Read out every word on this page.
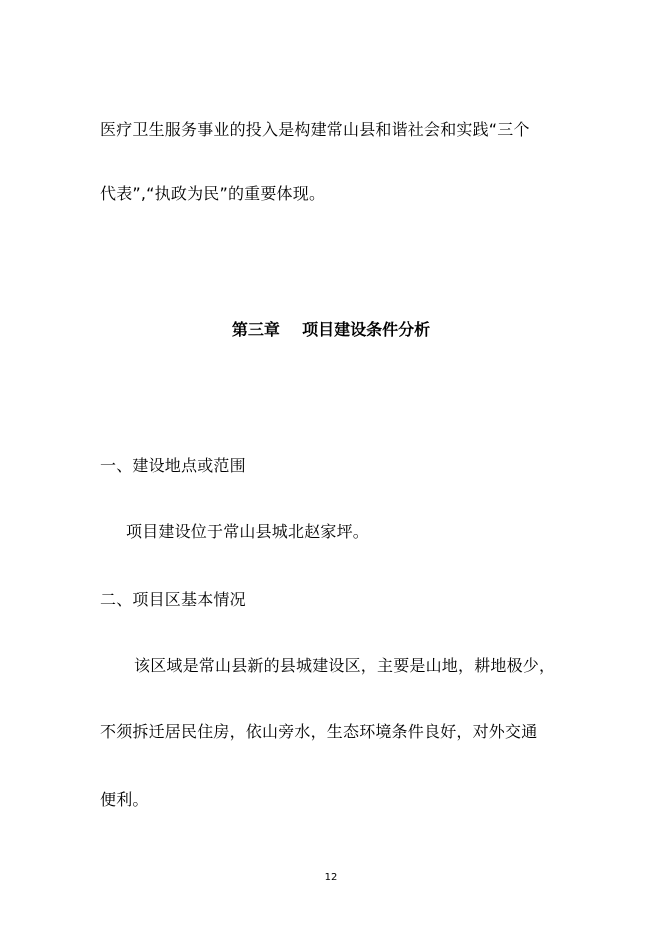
医疗卫生服务事业的投入是构建常山县和谐社会和实践“三个
代表”,“执政为民”的重要体现。
第三章    项目建设条件分析
一、建设地点或范围
项目建设位于常山县城北赵家坪。
二、项目区基本情况
该区域是常山县新的县城建设区，主要是山地，耕地极少，
不须拆迁居民住房，依山旁水，生态环境条件良好，对外交通
便利。
12
